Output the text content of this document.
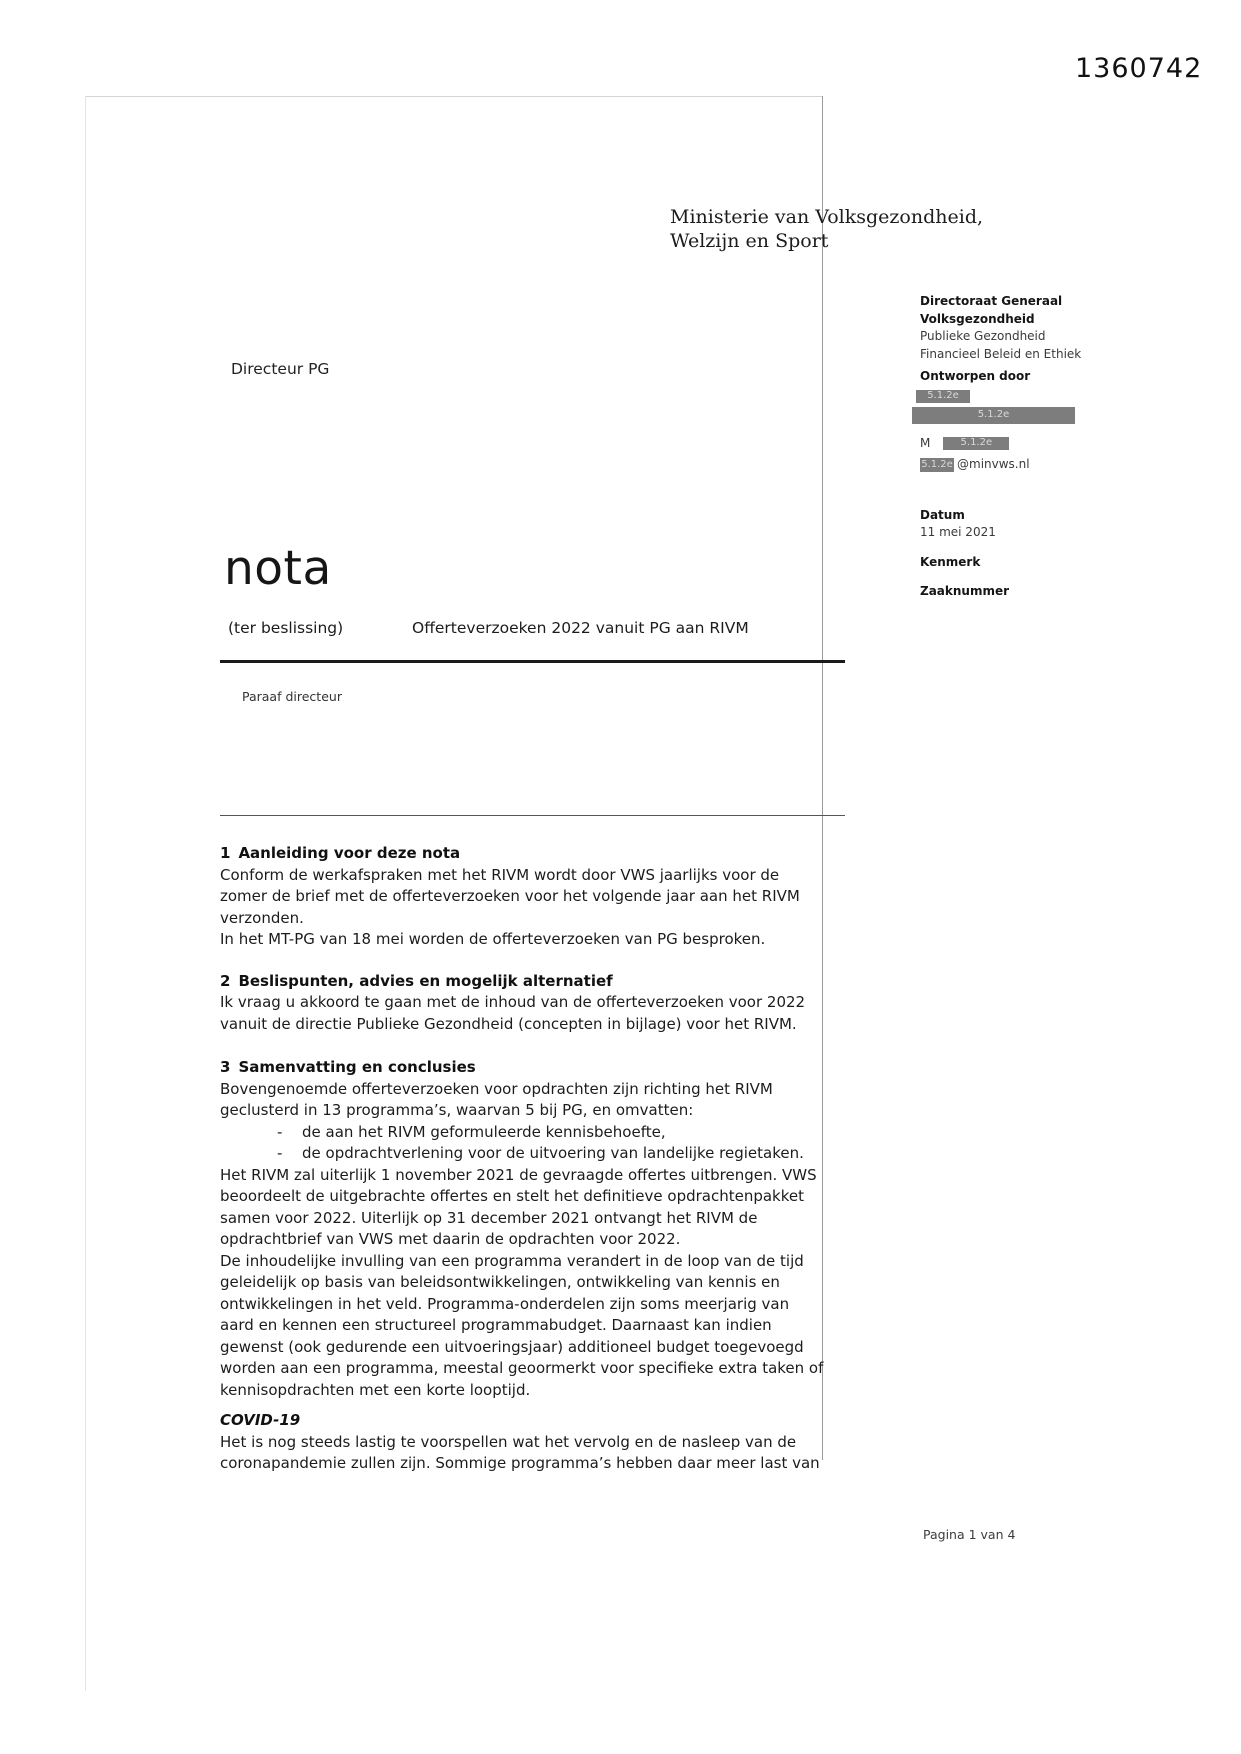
1360742
Ministerie van Volksgezondheid,
Welzijn en Sport
Directeur PG
nota
(ter beslissing)	Offerteverzoeken 2022 vanuit PG aan RIVM
Paraaf directeur
Directoraat Generaal
Volksgezondheid
Publieke Gezondheid
Financieel Beleid en Ethiek
Ontworpen door
5.1.2e
5.1.2e
M	5.1.2e
5.1.2e @minvws.nl
Datum
11 mei 2021
Kenmerk
Zaaknummer
1 Aanleiding voor deze nota

Conform de werkafspraken met het RIVM wordt door VWS jaarlijks voor de zomer de brief met de offerteverzoeken voor het volgende jaar aan het RIVM verzonden.

In het MT-PG van 18 mei worden de offerteverzoeken van PG besproken.

2 Beslispunten, advies en mogelijk alternatief

Ik vraag u akkoord te gaan met de inhoud van de offerteverzoeken voor 2022 vanuit de directie Publieke Gezondheid (concepten in bijlage) voor het RIVM.

3 Samenvatting en conclusies

Bovengenoemde offerteverzoeken voor opdrachten zijn richting het RIVM geclusterd in 13 programma’s, waarvan 5 bij PG, en omvatten:

-	de aan het RIVM geformuleerde kennisbehoefte,
-	de opdrachtverlening voor de uitvoering van landelijke regietaken.

Het RIVM zal uiterlijk 1 november 2021 de gevraagde offertes uitbrengen. VWS beoordeelt de uitgebrachte offertes en stelt het definitieve opdrachtenpakket samen voor 2022. Uiterlijk op 31 december 2021 ontvangt het RIVM de opdrachtbrief van VWS met daarin de opdrachten voor 2022.

De inhoudelijke invulling van een programma verandert in de loop van de tijd geleidelijk op basis van beleidsontwikkelingen, ontwikkeling van kennis en ontwikkelingen in het veld. Programma-onderdelen zijn soms meerjarig van aard en kennen een structureel programmabudget. Daarnaast kan indien gewenst (ook gedurende een uitvoeringsjaar) additioneel budget toegevoegd worden aan een programma, meestal geoormerkt voor specifieke extra taken of kennisopdrachten met een korte looptijd.

COVID-19

Het is nog steeds lastig te voorspellen wat het vervolg en de nasleep van de coronapandemie zullen zijn. Sommige programma’s hebben daar meer last van

Pagina 1 van 4
